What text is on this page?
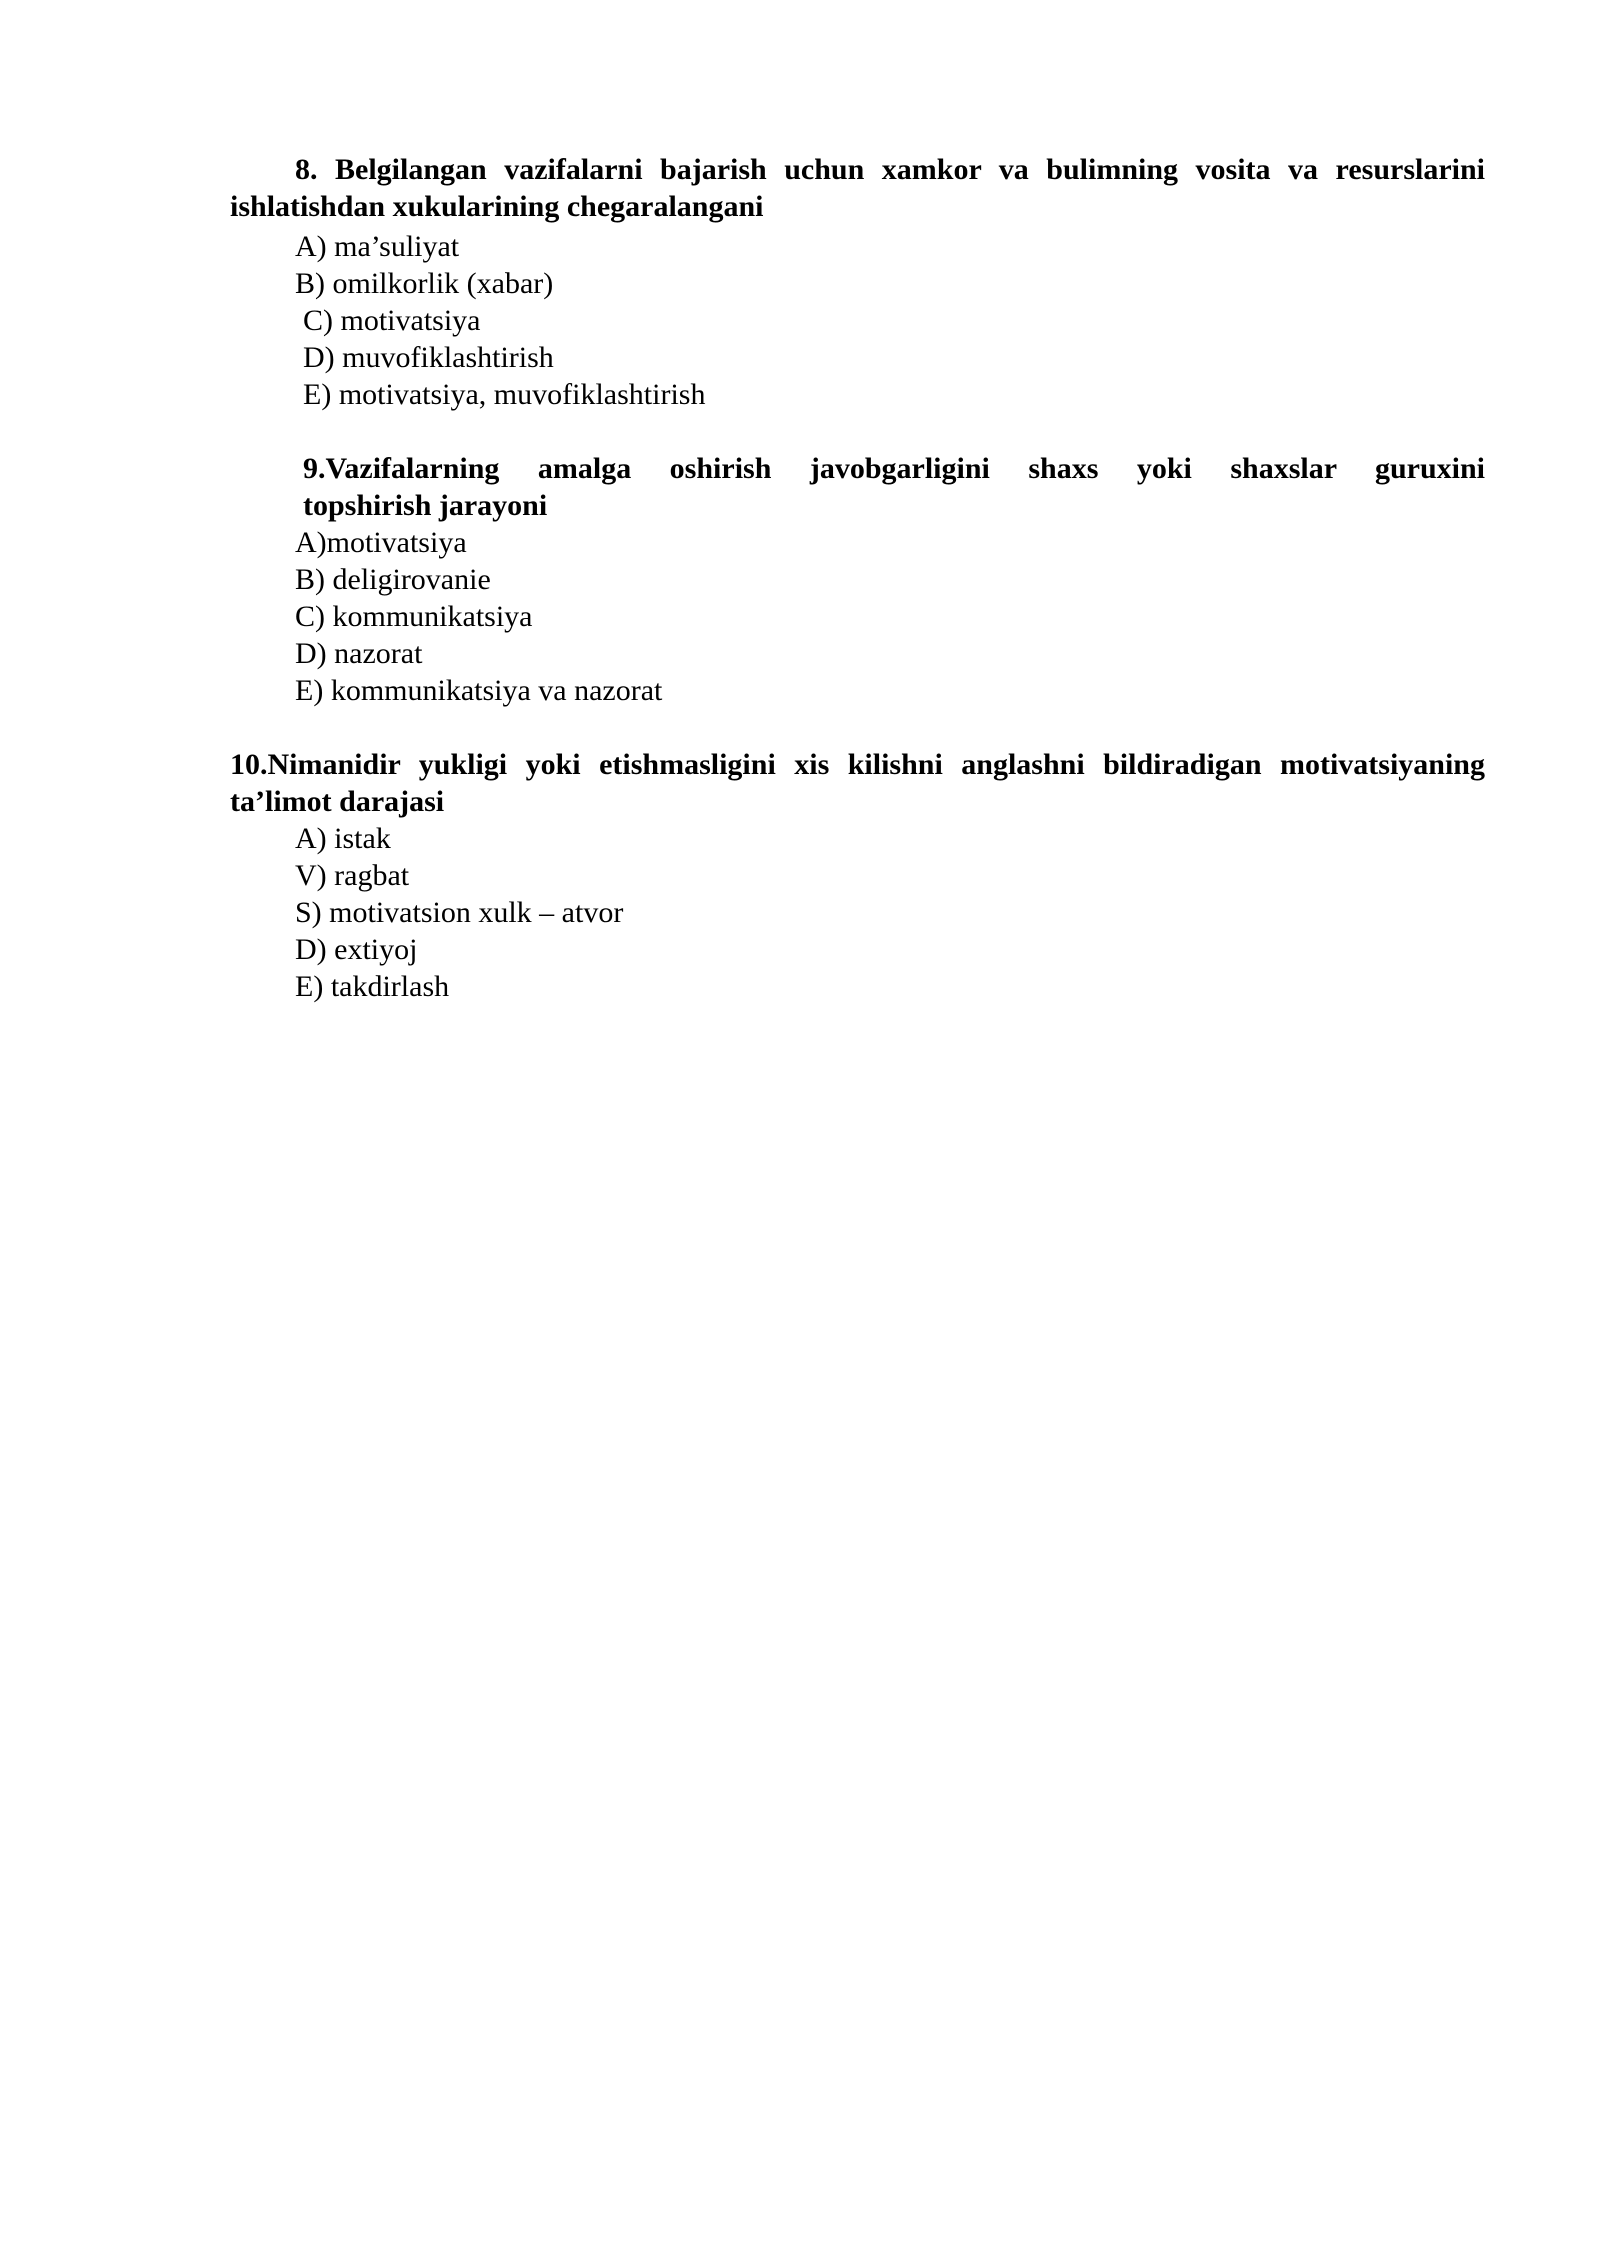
8. Belgilangan vazifalarni bajarish uchun xamkor va bulimning vosita va resurslarini
ishlatishdan xukularining chegaralangani
A) ma’suliyat
B) omilkorlik (xabar)
C) motivatsiya
D) muvofiklashtirish
E) motivatsiya, muvofiklashtirish
9.Vazifalarning amalga oshirish javobgarligini shaxs yoki shaxslar guruxini
topshirish jarayoni
A)motivatsiya
B) deligirovanie
C) kommunikatsiya
D) nazorat
E) kommunikatsiya va nazorat
10.Nimanidir yukligi yoki etishmasligini xis kilishni anglashni bildiradigan motivatsiyaning
ta’limot darajasi
A) istak
V) ragbat
S) motivatsion xulk – atvor
D) extiyoj
E) takdirlash
